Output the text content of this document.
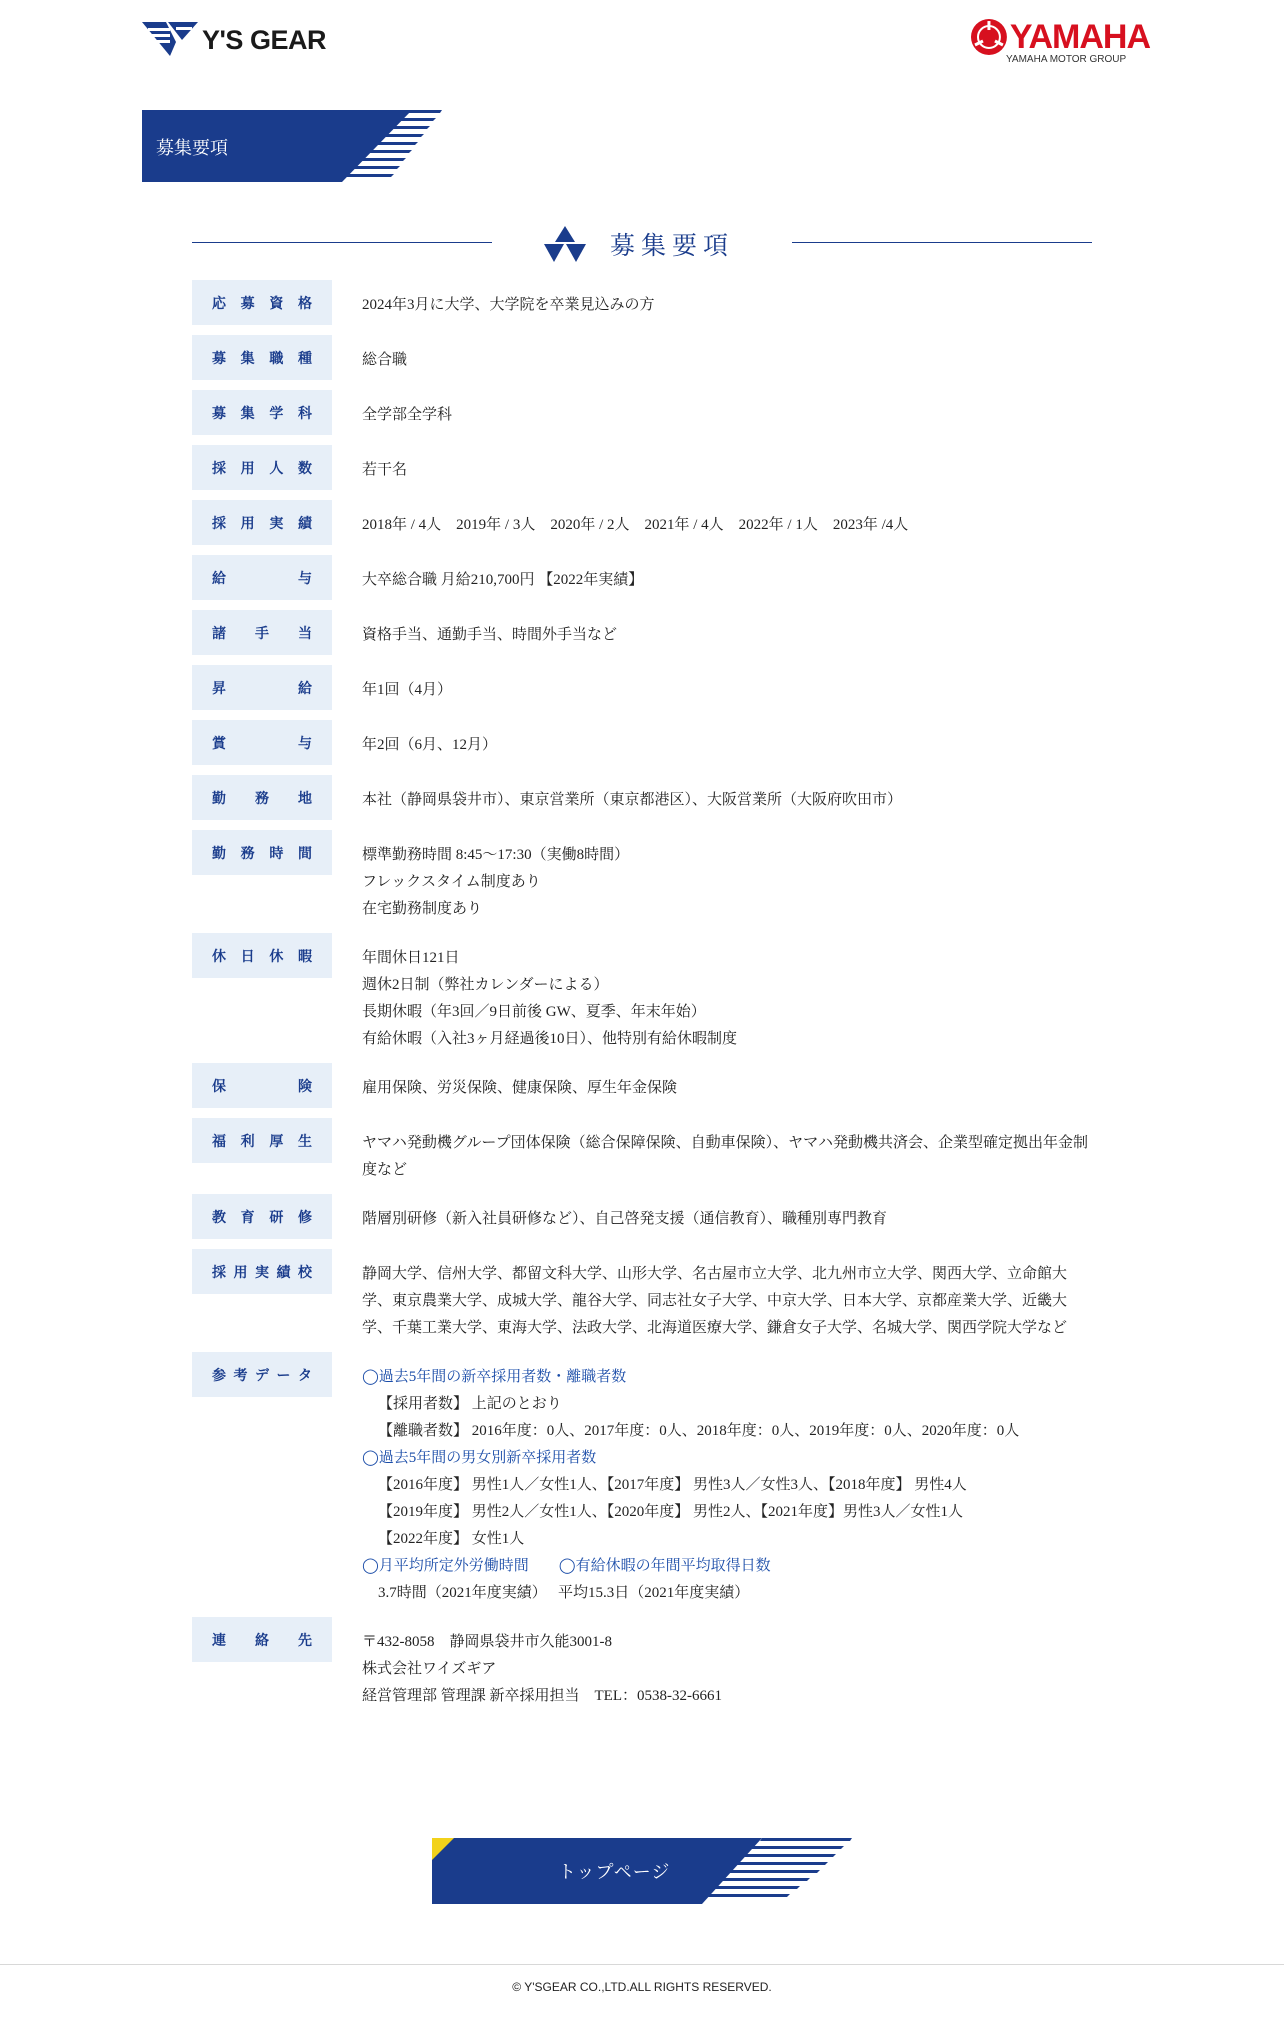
Y'S GEAR	YAMAHA
YAMAHA MOTOR GROUP
募集要項
募集要項
応 募 資 格	2024年3月に大学、大学院を卒業見込みの方
募 集 職 種	総合職
募 集 学 科	全学部全学科
採 用 人 数	若干名
採 用 実 績	2018年 / 4人　2019年 / 3人　2020年 / 2人　2021年 / 4人　2022年 / 1人　2023年 /4人
給	与	大卒総合職 月給210,700円 【2022年実績】
諸 手 当	資格手当、通勤手当、時間外手当など
昇	給	年1回（4月）
賞	与	年2回（6月、12月）
勤 務 地	本社（静岡県袋井市）、東京営業所（東京都港区）、大阪営業所（大阪府吹田市）
勤 務 時 間	標準勤務時間 8:45～17:30（実働8時間）
フレックスタイム制度あり
在宅勤務制度あり
休 日 休 暇	年間休日121日
週休2日制（弊社カレンダーによる）
長期休暇（年3回／9日前後 GW、夏季、年末年始）
有給休暇（入社3ヶ月経過後10日）、他特別有給休暇制度
保	険	雇用保険、労災保険、健康保険、厚生年金保険
福 利 厚 生	ヤマハ発動機グループ団体保険（総合保障保険、自動車保険）、ヤマハ発動機共済会、企業型確定拠出年金制度など
教 育 研 修	階層別研修（新入社員研修など）、自己啓発支援（通信教育）、職種別専門教育
採 用 実 績 校	静岡大学、信州大学、都留文科大学、山形大学、名古屋市立大学、北九州市立大学、関西大学、立命館大学、東京農業大学、成城大学、龍谷大学、同志社女子大学、中京大学、日本大学、京都産業大学、近畿大学、千葉工業大学、東海大学、法政大学、北海道医療大学、鎌倉女子大学、名城大学、関西学院大学など
参 考 デ ー タ	◯過去5年間の新卒採用者数・離職者数
【採用者数】 上記のとおり
【離職者数】 2016年度：0人、2017年度：0人、2018年度：0人、2019年度：0人、2020年度：0人
◯過去5年間の男女別新卒採用者数
【2016年度】 男性1人／女性1人、【2017年度】 男性3人／女性3人、【2018年度】 男性4人
【2019年度】 男性2人／女性1人、【2020年度】 男性2人、【2021年度】男性3人／女性1人
【2022年度】 女性1人
◯月平均所定外労働時間　　◯有給休暇の年間平均取得日数
3.7時間（2021年度実績）　 平均15.3日（2021年度実績）
連 絡 先	〒432-8058　静岡県袋井市久能3001-8
株式会社ワイズギア
経営管理部 管理課 新卒採用担当　TEL：0538-32-6661
トップページ
© Y'SGEAR CO.,LTD.ALL RIGHTS RESERVED.
